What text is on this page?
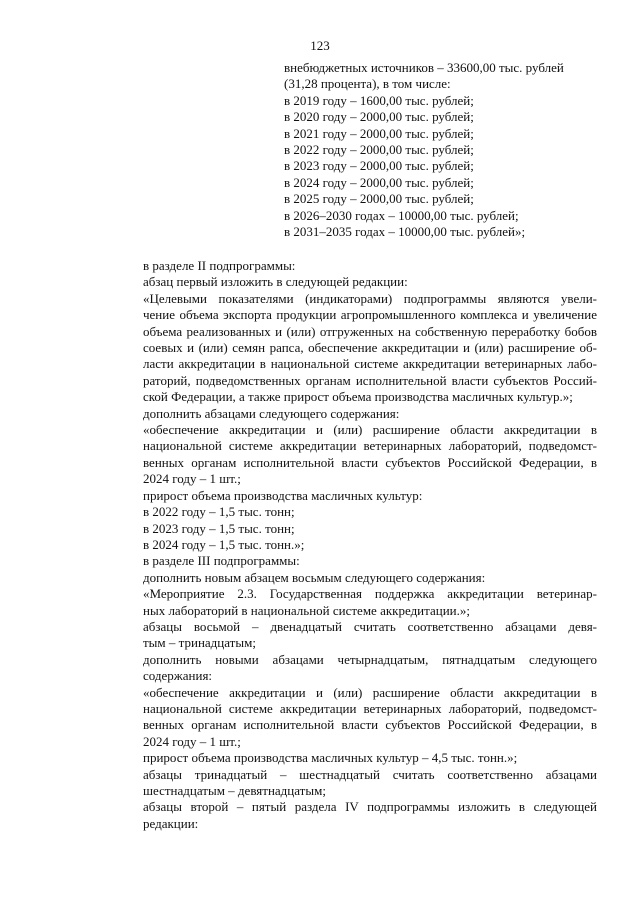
123
внебюджетных источников – 33600,00 тыс. рублей
(31,28 процента), в том числе:
в 2019 году – 1600,00 тыс. рублей;
в 2020 году – 2000,00 тыс. рублей;
в 2021 году – 2000,00 тыс. рублей;
в 2022 году – 2000,00 тыс. рублей;
в 2023 году – 2000,00 тыс. рублей;
в 2024 году – 2000,00 тыс. рублей;
в 2025 году – 2000,00 тыс. рублей;
в 2026–2030 годах – 10000,00 тыс. рублей;
в 2031–2035 годах – 10000,00 тыс. рублей»;

в разделе II подпрограммы:

абзац первый изложить в следующей редакции:

«Целевыми показателями (индикаторами) подпрограммы являются увели-
чение объема экспорта продукции агропромышленного комплекса и увеличение
объема реализованных и (или) отгруженных на собственную переработку бобов
соевых и (или) семян рапса, обеспечение аккредитации и (или) расширение об-
ласти аккредитации в национальной системе аккредитации ветеринарных лабо-
раторий, подведомственных органам исполнительной власти субъектов Россий-
ской Федерации, а также прирост объема производства масличных культур.»;

дополнить абзацами следующего содержания:

«обеспечение аккредитации и (или) расширение области аккредитации в
национальной системе аккредитации ветеринарных лабораторий, подведомст-
венных органам исполнительной власти субъектов Российской Федерации, в
2024 году – 1 шт.;

прирост объема производства масличных культур:

в 2022 году – 1,5 тыс. тонн;

в 2023 году – 1,5 тыс. тонн;

в 2024 году – 1,5 тыс. тонн.»;

в разделе III подпрограммы:

дополнить новым абзацем восьмым следующего содержания:

«Мероприятие 2.3. Государственная поддержка аккредитации ветеринар-
ных лабораторий в национальной системе аккредитации.»;

абзацы восьмой – двенадцатый считать соответственно абзацами девя-
тым – тринадцатым;

дополнить новыми абзацами четырнадцатым, пятнадцатым следующего
содержания:

«обеспечение аккредитации и (или) расширение области аккредитации в
национальной системе аккредитации ветеринарных лабораторий, подведомст-
венных органам исполнительной власти субъектов Российской Федерации, в
2024 году – 1 шт.;

прирост объема производства масличных культур – 4,5 тыс. тонн.»;

абзацы тринадцатый – шестнадцатый считать соответственно абзацами
шестнадцатым – девятнадцатым;

абзацы второй – пятый раздела IV подпрограммы изложить в следующей
редакции:
